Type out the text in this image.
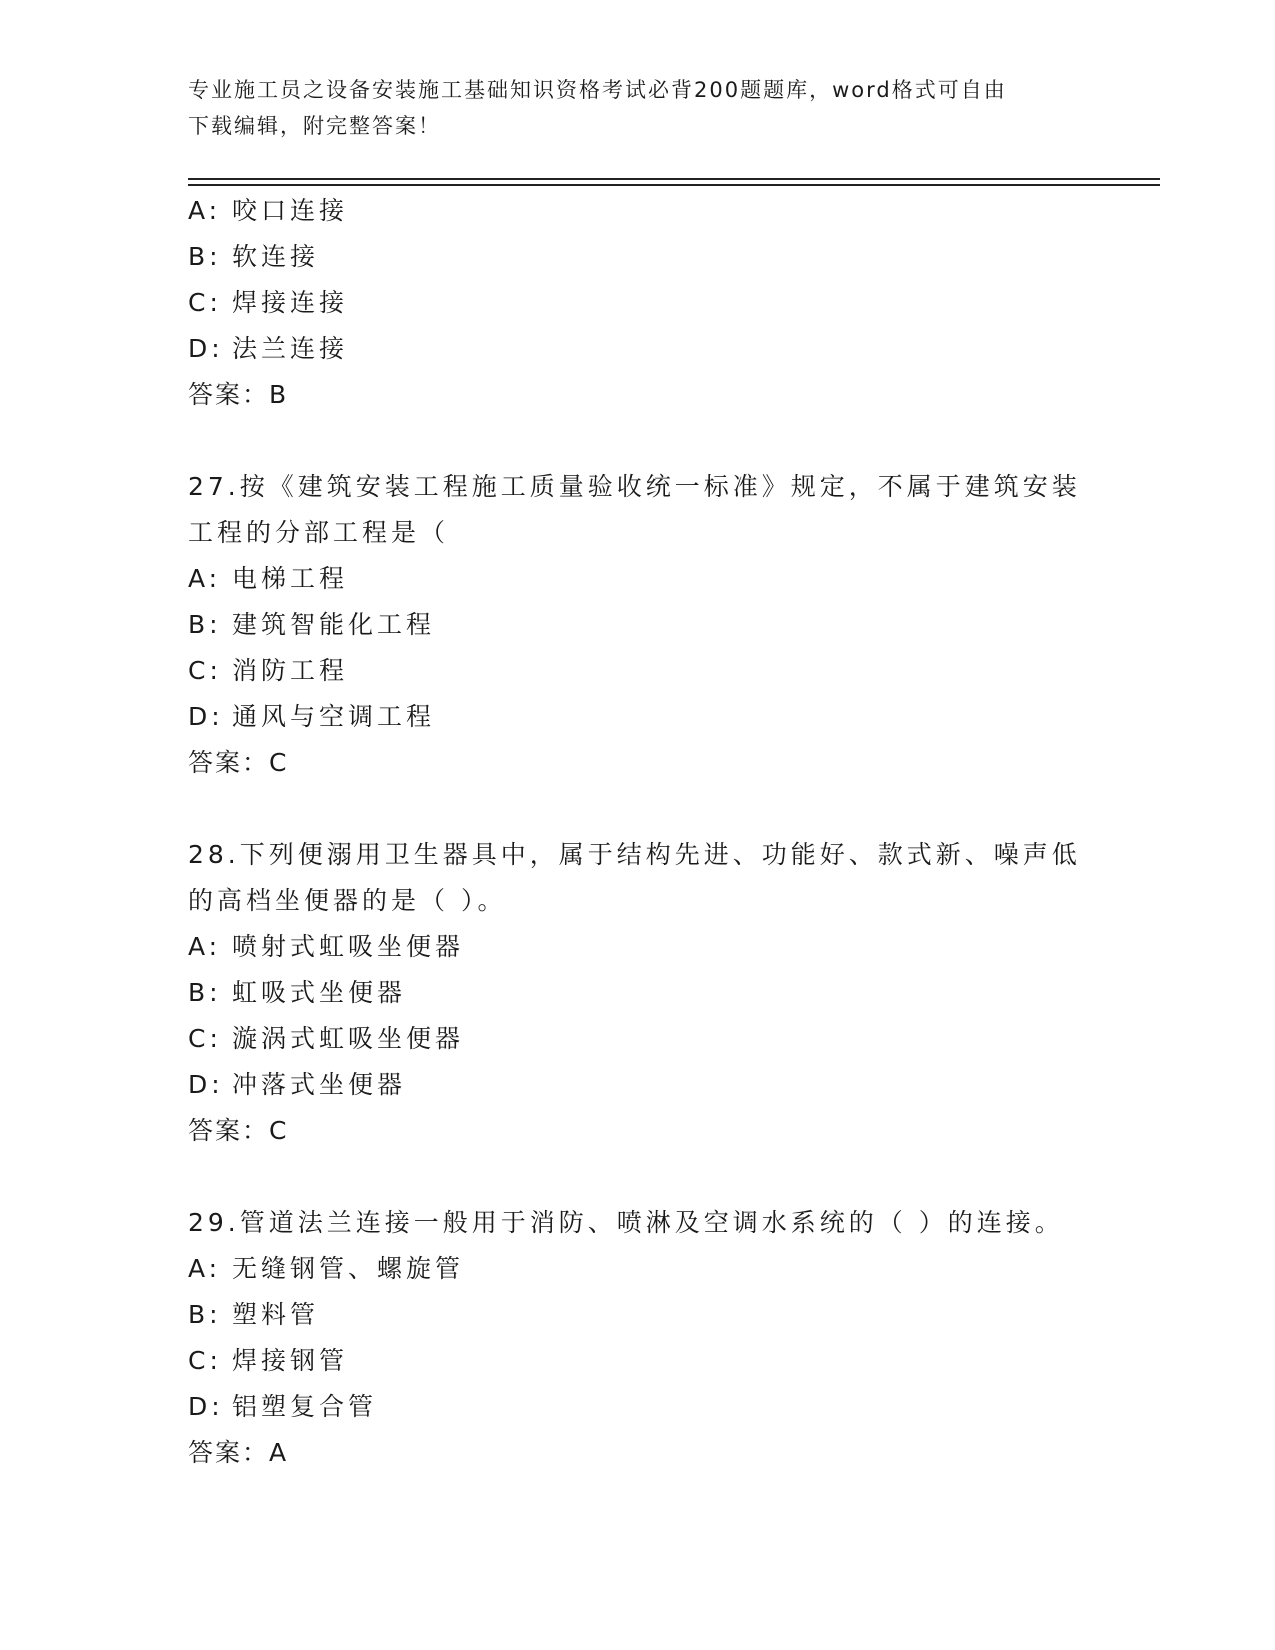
专业施工员之设备安装施工基础知识资格考试必背200题题库，word格式可自由
下载编辑，附完整答案！
A: 咬口连接
B: 软连接
C: 焊接连接
D: 法兰连接
答案：B
27.按《建筑安装工程施工质量验收统一标准》规定，不属于建筑安装
工程的分部工程是（
A: 电梯工程
B: 建筑智能化工程
C: 消防工程
D: 通风与空调工程
答案：C
28.下列便溺用卫生器具中，属于结构先进、功能好、款式新、噪声低
的高档坐便器的是（ ）。
A: 喷射式虹吸坐便器
B: 虹吸式坐便器
C: 漩涡式虹吸坐便器
D: 冲落式坐便器
答案：C
29.管道法兰连接一般用于消防、喷淋及空调水系统的（ ）的连接。
A: 无缝钢管、螺旋管
B: 塑料管
C: 焊接钢管
D: 铝塑复合管
答案：A
